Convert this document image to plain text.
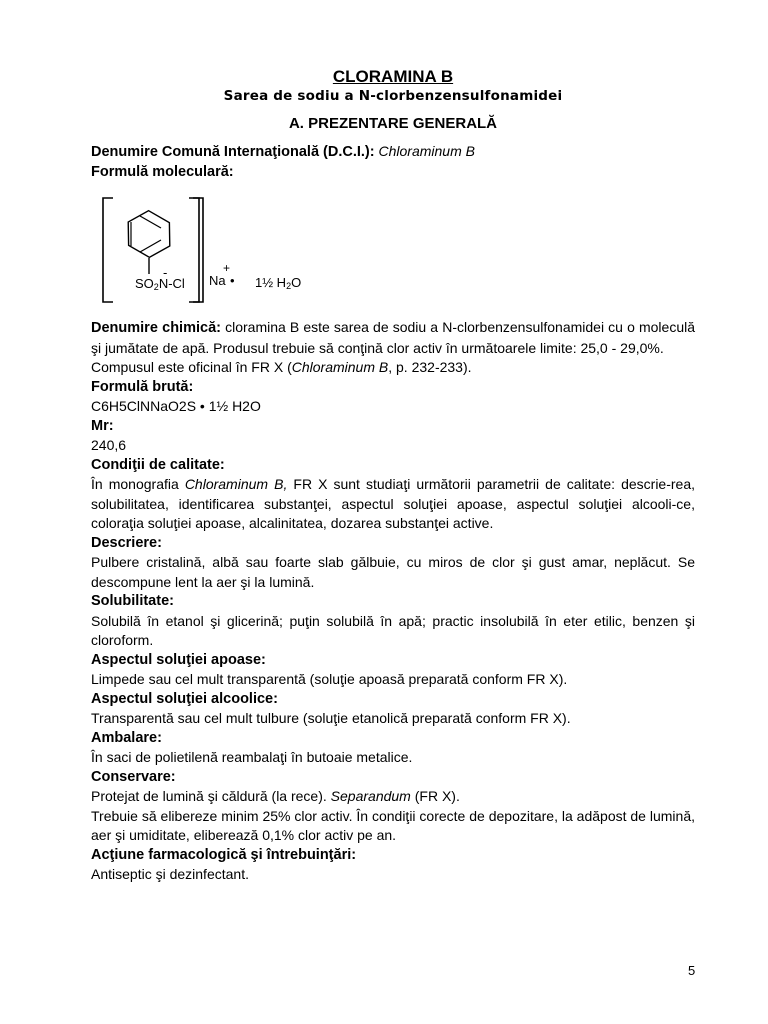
CLORAMINA B
Sarea de sodiu a N-clorbenzensulfonamidei
A. PREZENTARE GENERALĂ
Denumire Comună Internaţională (D.C.I.): Chloraminum B
Formulă moleculară:
-
$SO_2N-Cl$
+
Na • 1½ $H_2O$
Denumire chimică: cloramina B este sarea de sodiu a N-clorbenzensulfonamidei cu o moleculă şi jumătate de apă. Produsul trebuie să conţină clor activ în următoarele limite: 25,0 - 29,0%.
Compusul este oficinal în FR X (Chloraminum B, p. 232-233).
Formulă brută:
C6H5ClNNaO2S • 1½ H2O
Mr:
240,6
Condiţii de calitate:
În monografia Chloraminum B, FR X sunt studiaţi următorii parametrii de calitate: descrie-rea, solubilitatea, identificarea substanţei, aspectul soluţiei apoase, aspectul soluţiei alcooli-ce, coloraţia soluţiei apoase, alcalinitatea, dozarea substanţei active.
Descriere:
Pulbere cristalină, albă sau foarte slab gălbuie, cu miros de clor şi gust amar, neplăcut. Se descompune lent la aer şi la lumină.
Solubilitate:
Solubilă în etanol şi glicerină; puţin solubilă în apă; practic insolubilă în eter etilic, benzen şi cloroform.
Aspectul soluţiei apoase:
Limpede sau cel mult transparentă (soluţie apoasă preparată conform FR X).
Aspectul soluţiei alcoolice:
Transparentă sau cel mult tulbure (soluţie etanolică preparată conform FR X).
Ambalare:
În saci de polietilenă reambalaţi în butoaie metalice.
Conservare:
Protejat de lumină şi căldură (la rece). Separandum (FR X).
Trebuie să elibereze minim 25% clor activ. În condiţii corecte de depozitare, la adăpost de lumină, aer şi umiditate, eliberează 0,1% clor activ pe an.
Acţiune farmacologică şi întrebuinţări:
Antiseptic şi dezinfectant.
5
